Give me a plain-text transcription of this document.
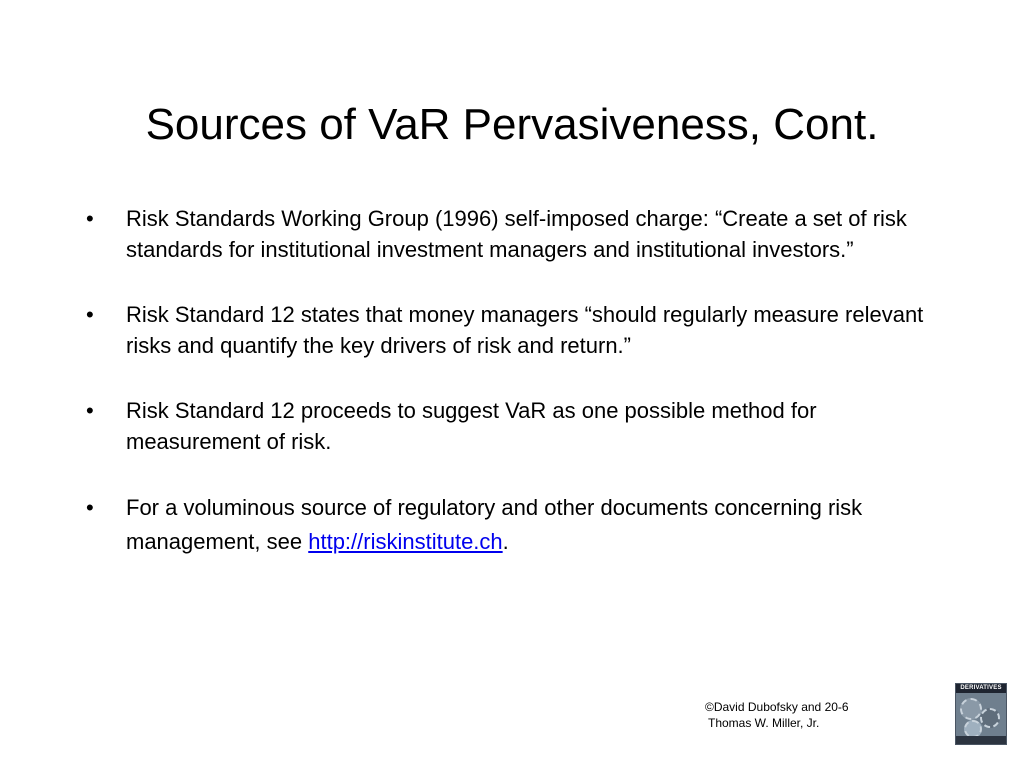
Sources of VaR Pervasiveness, Cont.
•	Risk Standards Working Group (1996) self-imposed charge: “Create a set of risk standards for institutional investment managers and institutional investors.”
•	Risk Standard 12 states that money managers “should regularly measure relevant risks and quantify the key drivers of risk and return.”
•	Risk Standard 12 proceeds to suggest VaR as one possible method for measurement of risk.
•	For a voluminous source of regulatory and other documents concerning risk management, see http://riskinstitute.ch.
©David Dubofsky and 20-6
Thomas W. Miller, Jr.
DERIVATIVES
